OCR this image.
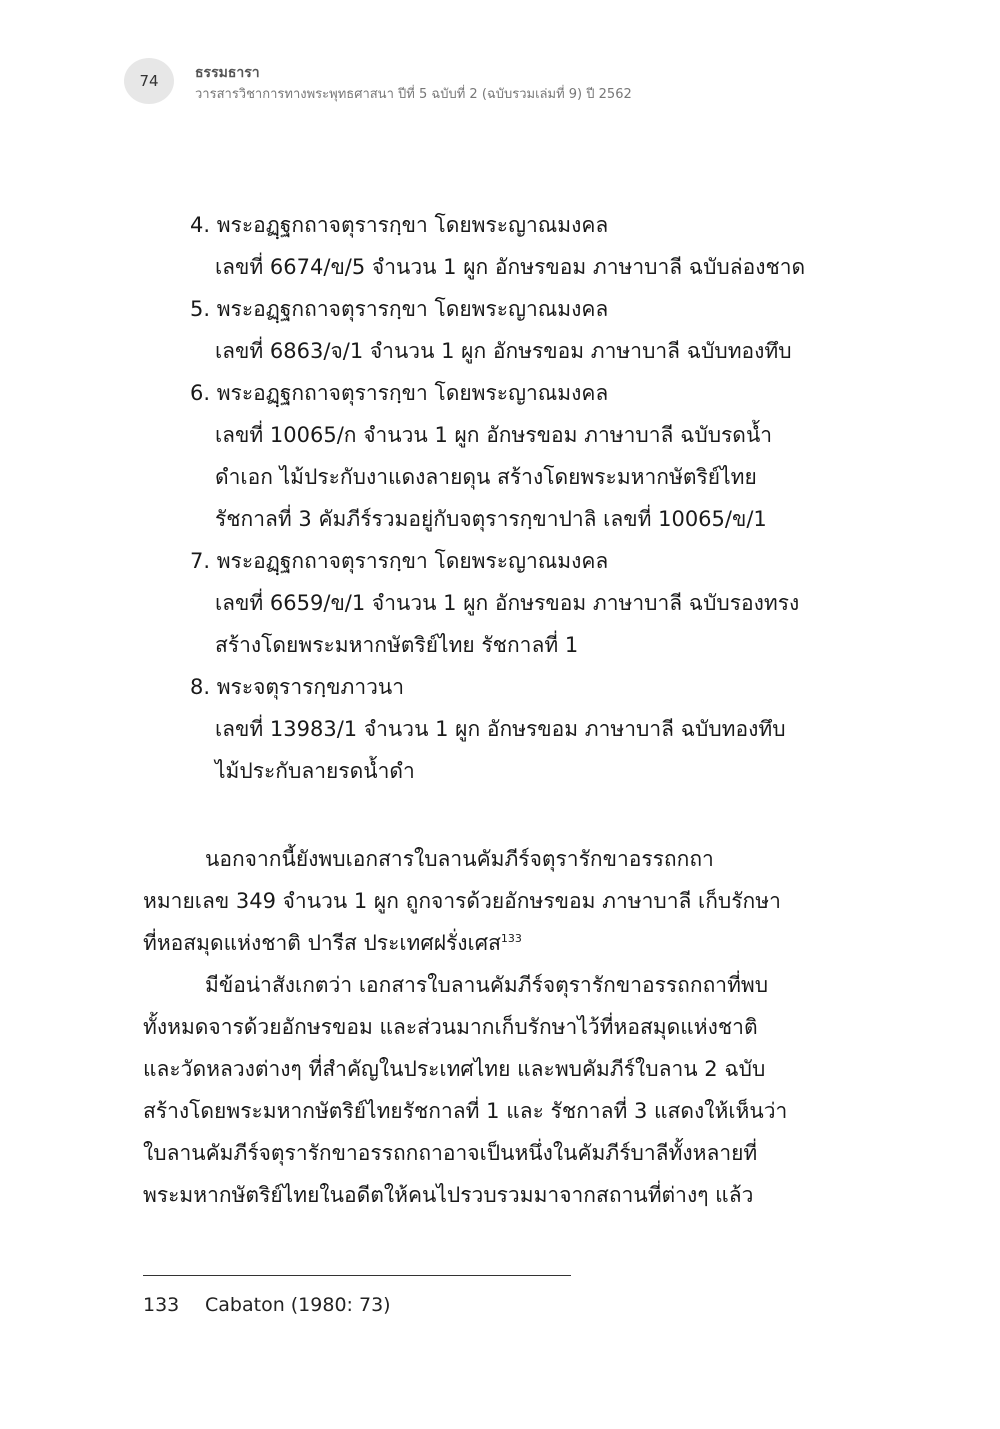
74	ธรรมธารา
วารสารวิชาการทางพระพุทธศาสนา ปีที่ 5 ฉบับที่ 2 (ฉบับรวมเล่มที่ 9) ปี 2562
4. พระอฏฺฐกถาจตุรารกฺขา โดยพระญาณมงคล
เลขที่ 6674/ข/5 จำนวน 1 ผูก อักษรขอม ภาษาบาลี ฉบับล่องชาด
5. พระอฏฺฐกถาจตุรารกฺขา โดยพระญาณมงคล
เลขที่ 6863/จ/1 จำนวน 1 ผูก อักษรขอม ภาษาบาลี ฉบับทองทึบ
6. พระอฏฺฐกถาจตุรารกฺขา โดยพระญาณมงคล
เลขที่ 10065/ก จำนวน 1 ผูก อักษรขอม ภาษาบาลี ฉบับรดน้ำ
ดำเอก ไม้ประกับงาแดงลายดุน สร้างโดยพระมหากษัตริย์ไทย
รัชกาลที่ 3 คัมภีร์รวมอยู่กับจตุรารกฺขาปาลิ เลขที่ 10065/ข/1
7. พระอฏฺฐกถาจตุรารกฺขา โดยพระญาณมงคล
เลขที่ 6659/ข/1 จำนวน 1 ผูก อักษรขอม ภาษาบาลี ฉบับรองทรง
สร้างโดยพระมหากษัตริย์ไทย รัชกาลที่ 1
8. พระจตุรารกฺขภาวนา
เลขที่ 13983/1 จำนวน 1 ผูก อักษรขอม ภาษาบาลี ฉบับทองทึบ
ไม้ประกับลายรดน้ำดำ
นอกจากนี้ยังพบเอกสารใบลานคัมภีร์จตุรารักขาอรรถกถา
หมายเลข 349 จำนวน 1 ผูก ถูกจารด้วยอักษรขอม ภาษาบาลี เก็บรักษา
ที่หอสมุดแห่งชาติ ปารีส ประเทศฝรั่งเศส$^{133}$
มีข้อน่าสังเกตว่า เอกสารใบลานคัมภีร์จตุรารักขาอรรถกถาที่พบ
ทั้งหมดจารด้วยอักษรขอม และส่วนมากเก็บรักษาไว้ที่หอสมุดแห่งชาติ
และวัดหลวงต่างๆ ที่สำคัญในประเทศไทย และพบคัมภีร์ใบลาน 2 ฉบับ
สร้างโดยพระมหากษัตริย์ไทยรัชกาลที่ 1 และ รัชกาลที่ 3 แสดงให้เห็นว่า
ใบลานคัมภีร์จตุรารักขาอรรถกถาอาจเป็นหนึ่งในคัมภีร์บาลีทั้งหลายที่
พระมหากษัตริย์ไทยในอดีตให้คนไปรวบรวมมาจากสถานที่ต่างๆ แล้ว
133 Cabaton (1980: 73)
